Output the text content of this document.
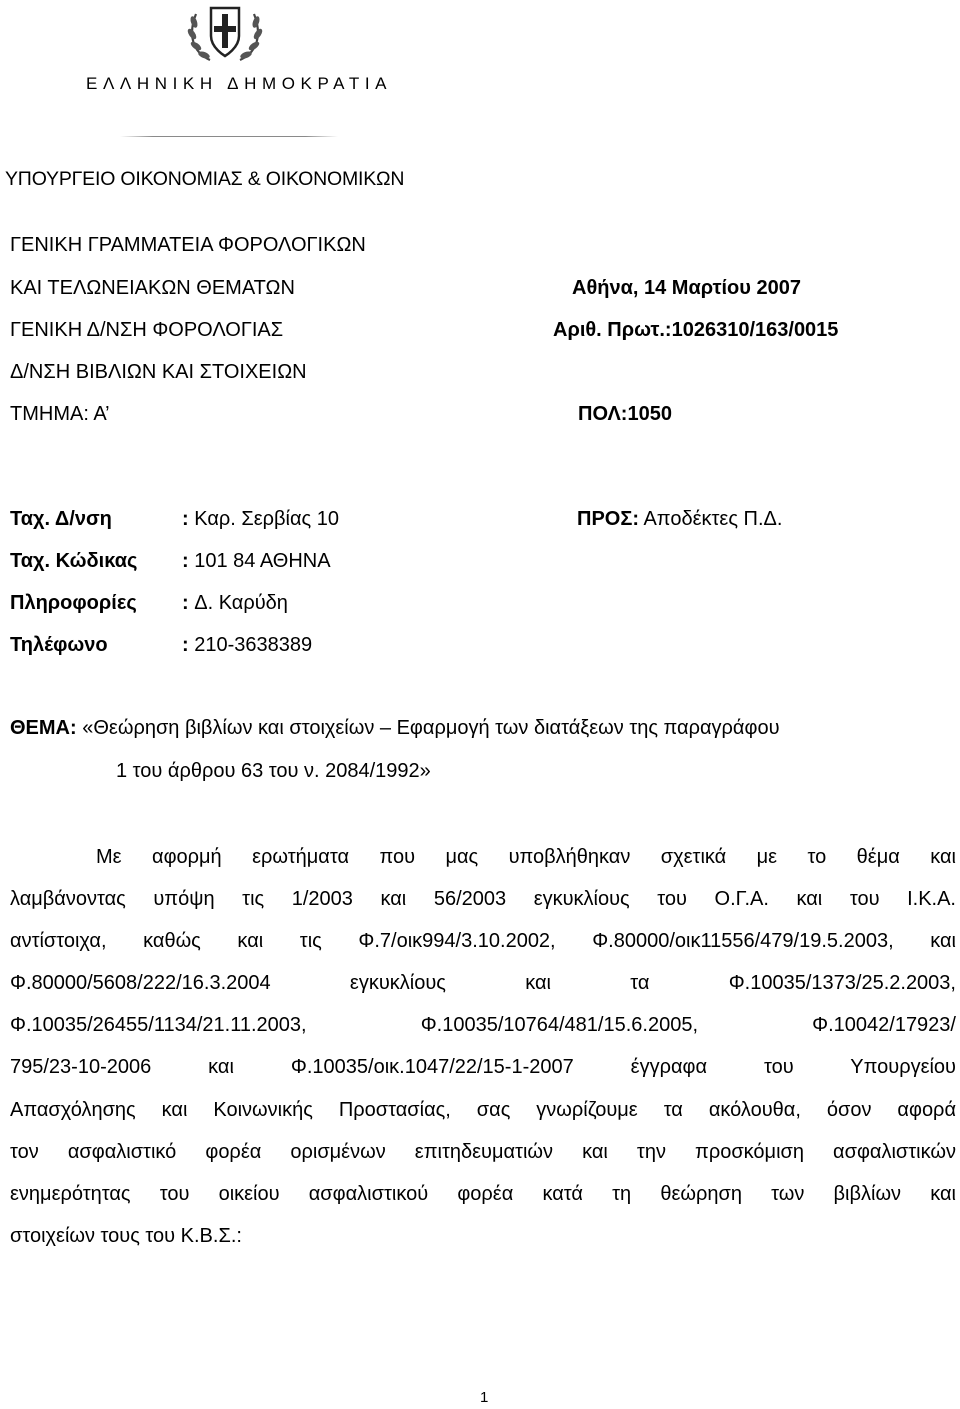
ΕΛΛΗΝΙΚΗ ΔΗΜΟΚΡΑΤΙΑ
ΥΠΟΥΡΓΕΙΟ ΟΙΚΟΝΟΜΙΑΣ & ΟΙΚΟΝΟΜΙΚΩΝ
ΓΕΝΙΚΗ ΓΡΑΜΜΑΤΕΙΑ ΦΟΡΟΛΟΓΙΚΩΝ
ΚΑΙ ΤΕΛΩΝΕΙΑΚΩΝ ΘΕΜΑΤΩΝ
ΓΕΝΙΚΗ Δ/ΝΣΗ ΦΟΡΟΛΟΓΙΑΣ
Δ/ΝΣΗ ΒΙΒΛΙΩΝ ΚΑΙ ΣΤΟΙΧΕΙΩΝ
ΤΜΗΜΑ: Α’
Αθήνα, 14 Μαρτίου 2007
Αριθ. Πρωτ.:1026310/163/0015
ΠΟΛ:1050
Ταχ. Δ/νση	: Καρ. Σερβίας 10
Ταχ. Κώδικας : 101 84 ΑΘΗΝΑ
Πληροφορίες : Δ. Καρύδη
Τηλέφωνο	: 210-3638389
ΠΡΟΣ: Αποδέκτες Π.Δ.
ΘΕΜΑ: «Θεώρηση βιβλίων και στοιχείων – Εφαρμογή των διατάξεων της παραγράφου
1 του άρθρου 63 του ν. 2084/1992»
Με αφορμή ερωτήματα που μας υποβλήθηκαν σχετικά με το θέμα και
λαμβάνοντας υπόψη τις 1/2003 και 56/2003 εγκυκλίους του Ο.Γ.Α. και του Ι.Κ.Α.
αντίστοιχα, καθώς και τις Φ.7/οικ994/3.10.2002, Φ.80000/οικ11556/479/19.5.2003, και
Φ.80000/5608/222/16.3.2004 εγκυκλίους και τα Φ.10035/1373/25.2.2003,
Φ.10035/26455/1134/21.11.2003, Φ.10035/10764/481/15.6.2005, Φ.10042/17923/
795/23-10-2006 και Φ.10035/οικ.1047/22/15-1-2007 έγγραφα του Υπουργείου
Απασχόλησης και Κοινωνικής Προστασίας, σας γνωρίζουμε τα ακόλουθα, όσον αφορά
τον ασφαλιστικό φορέα ορισμένων επιτηδευματιών και την προσκόμιση ασφαλιστικών
ενημερότητας του οικείου ασφαλιστικού φορέα κατά τη θεώρηση των βιβλίων και
στοιχείων τους του Κ.Β.Σ.:
1
